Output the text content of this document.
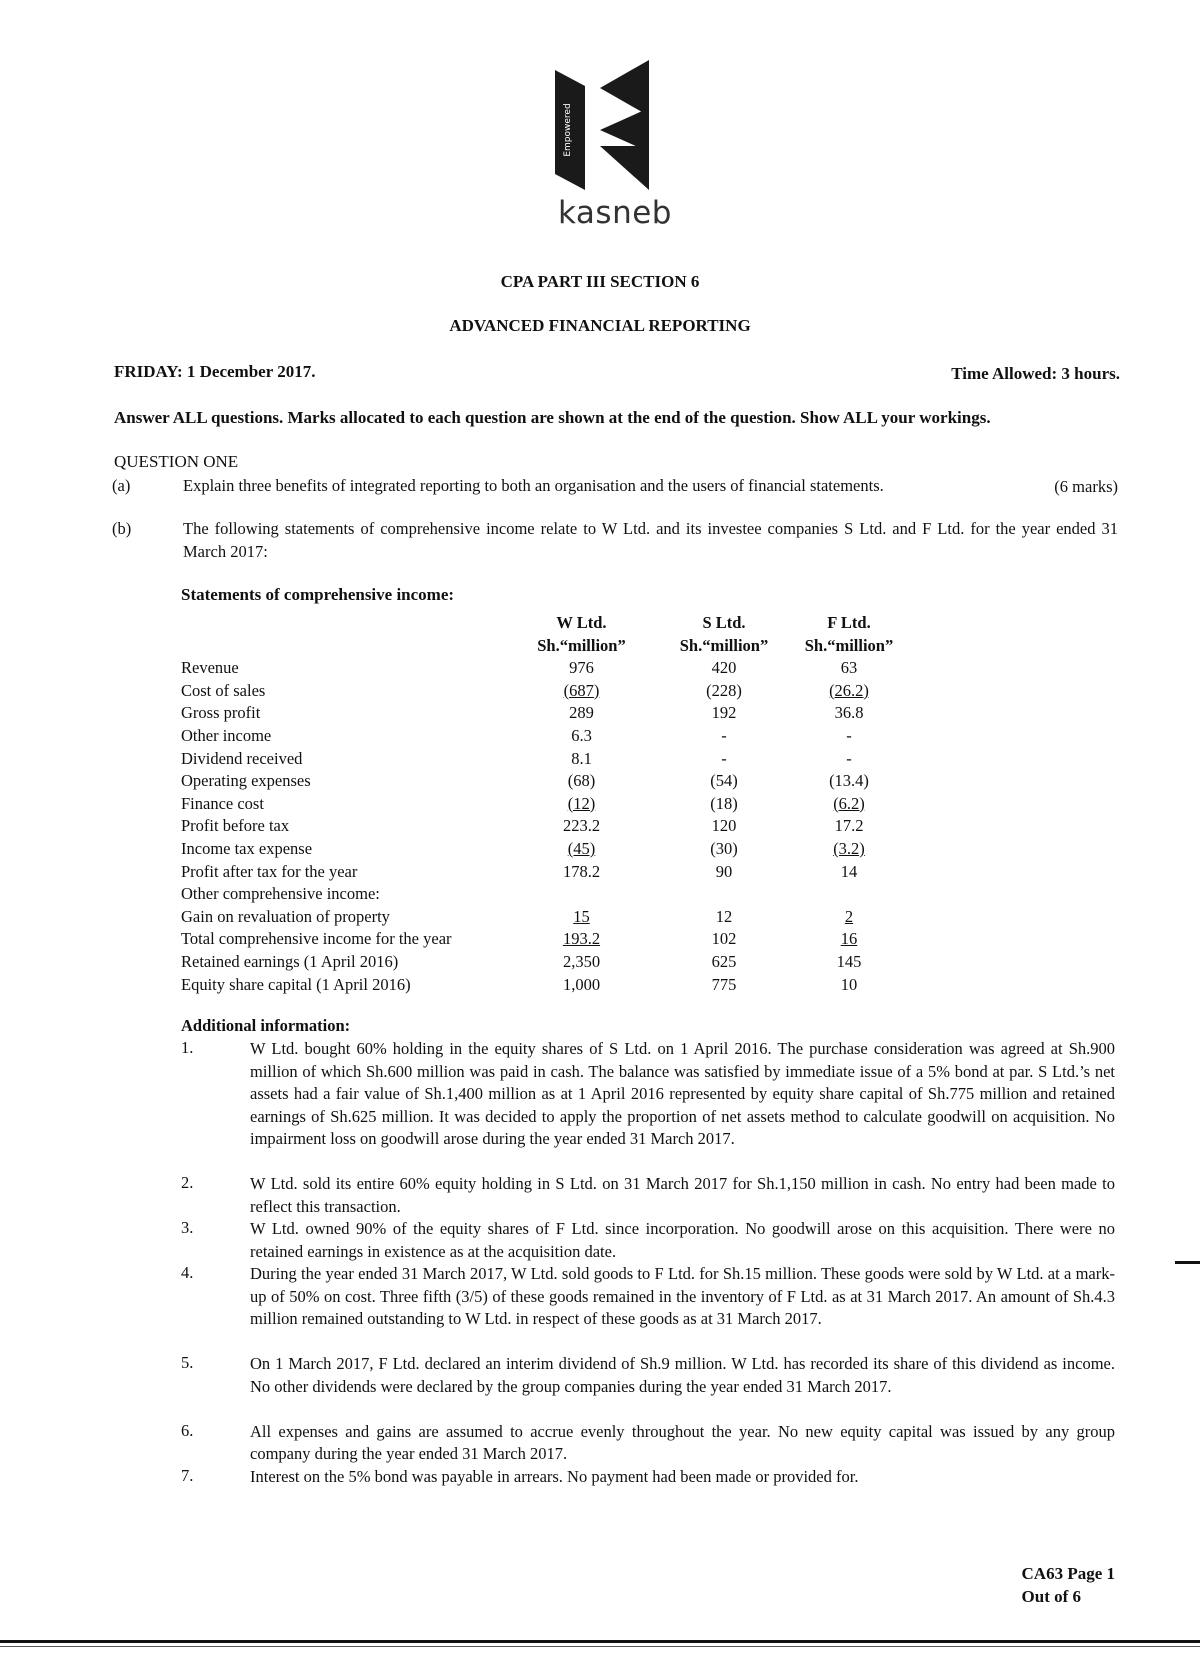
Empowered
kasneb
CPA PART III SECTION 6
ADVANCED FINANCIAL REPORTING
FRIDAY: 1 December 2017.	Time Allowed: 3 hours.
Answer ALL questions. Marks allocated to each question are shown at the end of the question. Show ALL your workings.
QUESTION ONE
(a)	Explain three benefits of integrated reporting to both an organisation and the users of financial statements.	(6 marks)
(b)	The following statements of comprehensive income relate to W Ltd. and its investee companies S Ltd. and F Ltd. for the year ended 31 March 2017:
Statements of comprehensive income:
	W Ltd.	S Ltd.	F Ltd.
	Sh.“million”	Sh.“million”	Sh.“million”
Revenue	976	420	63
Cost of sales	(687)	(228)	(26.2)
Gross profit	289	192	36.8
Other income	6.3	-	-
Dividend received	8.1	-	-
Operating expenses	(68)	(54)	(13.4)
Finance cost	(12)	(18)	(6.2)
Profit before tax	223.2	120	17.2
Income tax expense	(45)	(30)	(3.2)
Profit after tax for the year	178.2	90	14
Other comprehensive income:			
Gain on revaluation of property	15	12	2
Total comprehensive income for the year	193.2	102	16
Retained earnings (1 April 2016)	2,350	625	145
Equity share capital (1 April 2016)	1,000	775	10
Additional information:
1.	W Ltd. bought 60% holding in the equity shares of S Ltd. on 1 April 2016. The purchase consideration was agreed at Sh.900 million of which Sh.600 million was paid in cash. The balance was satisfied by immediate issue of a 5% bond at par. S Ltd.’s net assets had a fair value of Sh.1,400 million as at 1 April 2016 represented by equity share capital of Sh.775 million and retained earnings of Sh.625 million. It was decided to apply the proportion of net assets method to calculate goodwill on acquisition. No impairment loss on goodwill arose during the year ended 31 March 2017.
2.	W Ltd. sold its entire 60% equity holding in S Ltd. on 31 March 2017 for Sh.1,150 million in cash. No entry had been made to reflect this transaction.
3.	W Ltd. owned 90% of the equity shares of F Ltd. since incorporation. No goodwill arose on this acquisition. There were no retained earnings in existence as at the acquisition date.
4.	During the year ended 31 March 2017, W Ltd. sold goods to F Ltd. for Sh.15 million. These goods were sold by W Ltd. at a mark-up of 50% on cost. Three fifth (3/5) of these goods remained in the inventory of F Ltd. as at 31 March 2017. An amount of Sh.4.3 million remained outstanding to W Ltd. in respect of these goods as at 31 March 2017.
5.	On 1 March 2017, F Ltd. declared an interim dividend of Sh.9 million. W Ltd. has recorded its share of this dividend as income. No other dividends were declared by the group companies during the year ended 31 March 2017.
6.	All expenses and gains are assumed to accrue evenly throughout the year. No new equity capital was issued by any group company during the year ended 31 March 2017.
7.	Interest on the 5% bond was payable in arrears. No payment had been made or provided for.
CA63 Page 1
Out of 6
